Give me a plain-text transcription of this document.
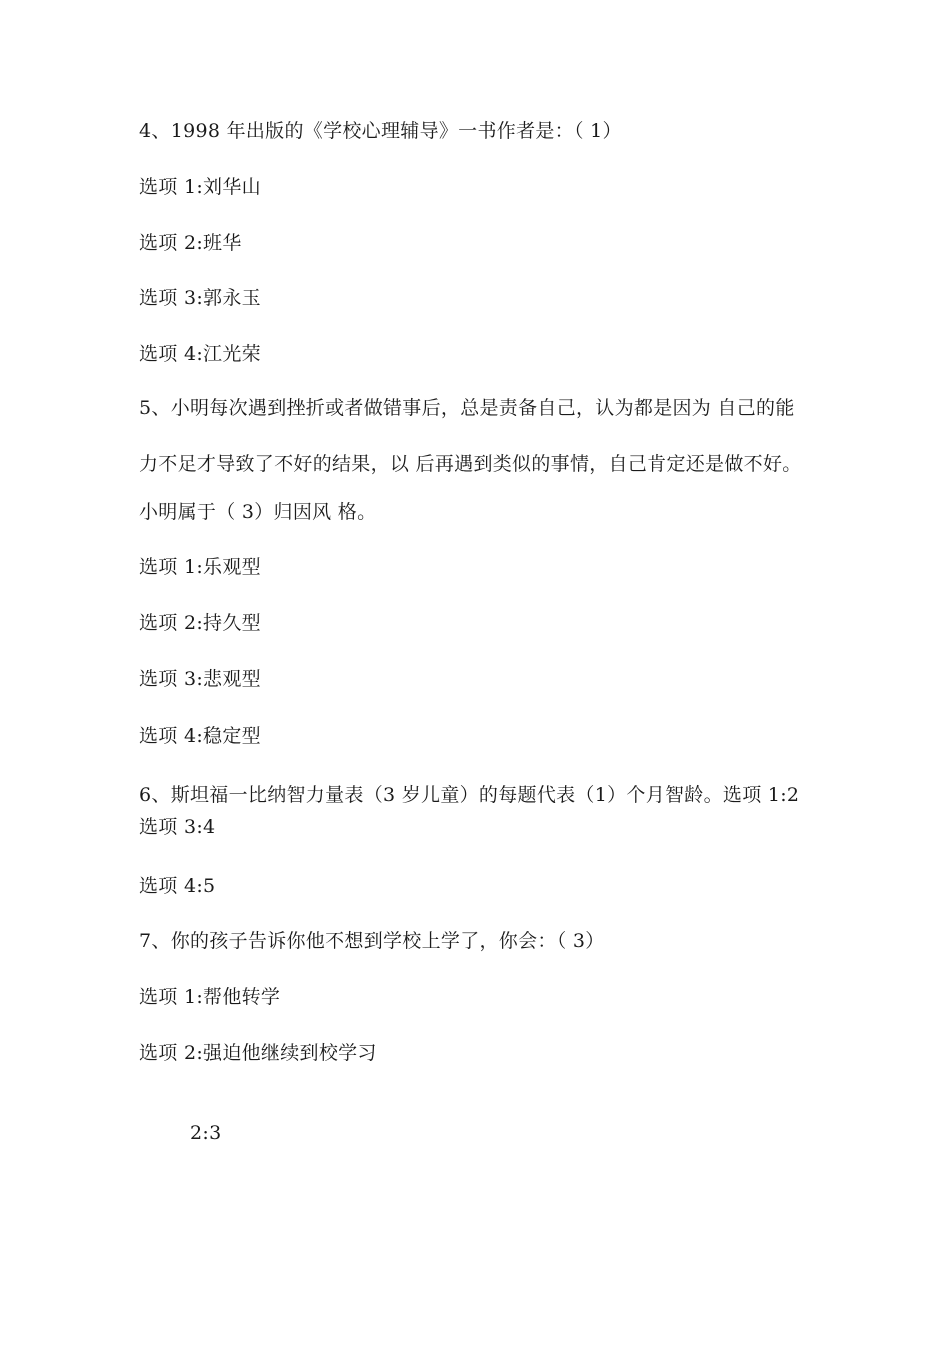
4、1998 年出版的《学校心理辅导》一书作者是：（ 1）
选项 1:刘华山
选项 2:班华
选项 3:郭永玉
选项 4:江光荣
5、小明每次遇到挫折或者做错事后，总是责备自己，认为都是因为 自己的能
力不足才导致了不好的结果，以 后再遇到类似的事情，自己肯定还是做不好。
小明属于（ 3）归因风 格。
选项 1:乐观型
选项 2:持久型
选项 3:悲观型
选项 4:稳定型
6、斯坦福一比纳智力量表（3 岁儿童）的每题代表（1）个月智龄。选项 1:2
选项 3:4
选项 4:5
7、你的孩子告诉你他不想到学校上学了，你会：（ 3）
选项 1:帮他转学
选项 2:强迫他继续到校学习
2:3
